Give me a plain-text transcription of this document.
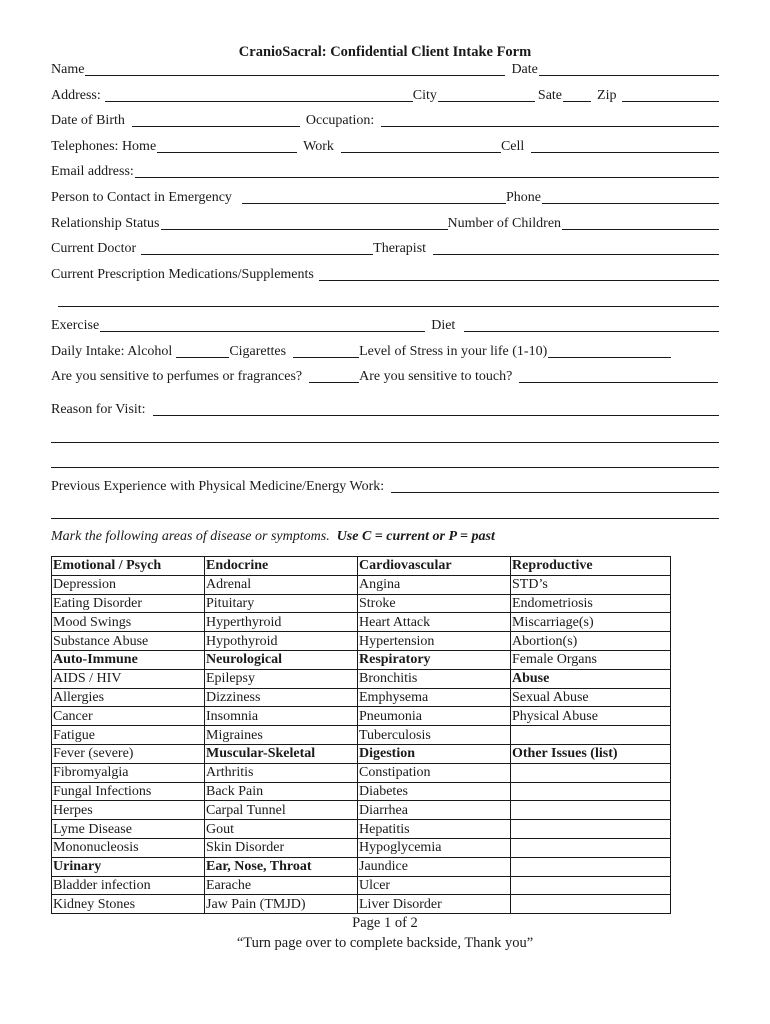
CranioSacral: Confidential Client Intake Form
Name	Date
Address:	City	Sate	Zip
Date of Birth	Occupation:
Telephones: Home	Work	Cell
Email address:
Person to Contact in Emergency	Phone
Relationship Status	Number of Children
Current Doctor	Therapist
Current Prescription Medications/Supplements
Exercise	Diet
Daily Intake: Alcohol	Cigarettes	Level of Stress in your life (1-10)
Are you sensitive to perfumes or fragrances?	Are you sensitive to touch?
Reason for Visit:
Previous Experience with Physical Medicine/Energy Work:
Mark the following areas of disease or symptoms. Use C = current or P = past
Emotional / Psych	Endocrine	Cardiovascular	Reproductive
Depression	Adrenal	Angina	STD’s
Eating Disorder	Pituitary	Stroke	Endometriosis
Mood Swings	Hyperthyroid	Heart Attack	Miscarriage(s)
Substance Abuse	Hypothyroid	Hypertension	Abortion(s)
Auto-Immune	Neurological	Respiratory	Female Organs
AIDS / HIV	Epilepsy	Bronchitis	Abuse
Allergies	Dizziness	Emphysema	Sexual Abuse
Cancer	Insomnia	Pneumonia	Physical Abuse
Fatigue	Migraines	Tuberculosis	
Fever (severe)	Muscular-Skeletal	Digestion	Other Issues (list)
Fibromyalgia	Arthritis	Constipation	
Fungal Infections	Back Pain	Diabetes	
Herpes	Carpal Tunnel	Diarrhea	
Lyme Disease	Gout	Hepatitis	
Mononucleosis	Skin Disorder	Hypoglycemia	
Urinary	Ear, Nose, Throat	Jaundice	
Bladder infection	Earache	Ulcer	
Kidney Stones	Jaw Pain (TMJD)	Liver Disorder	
Page 1 of 2
“Turn page over to complete backside, Thank you”
